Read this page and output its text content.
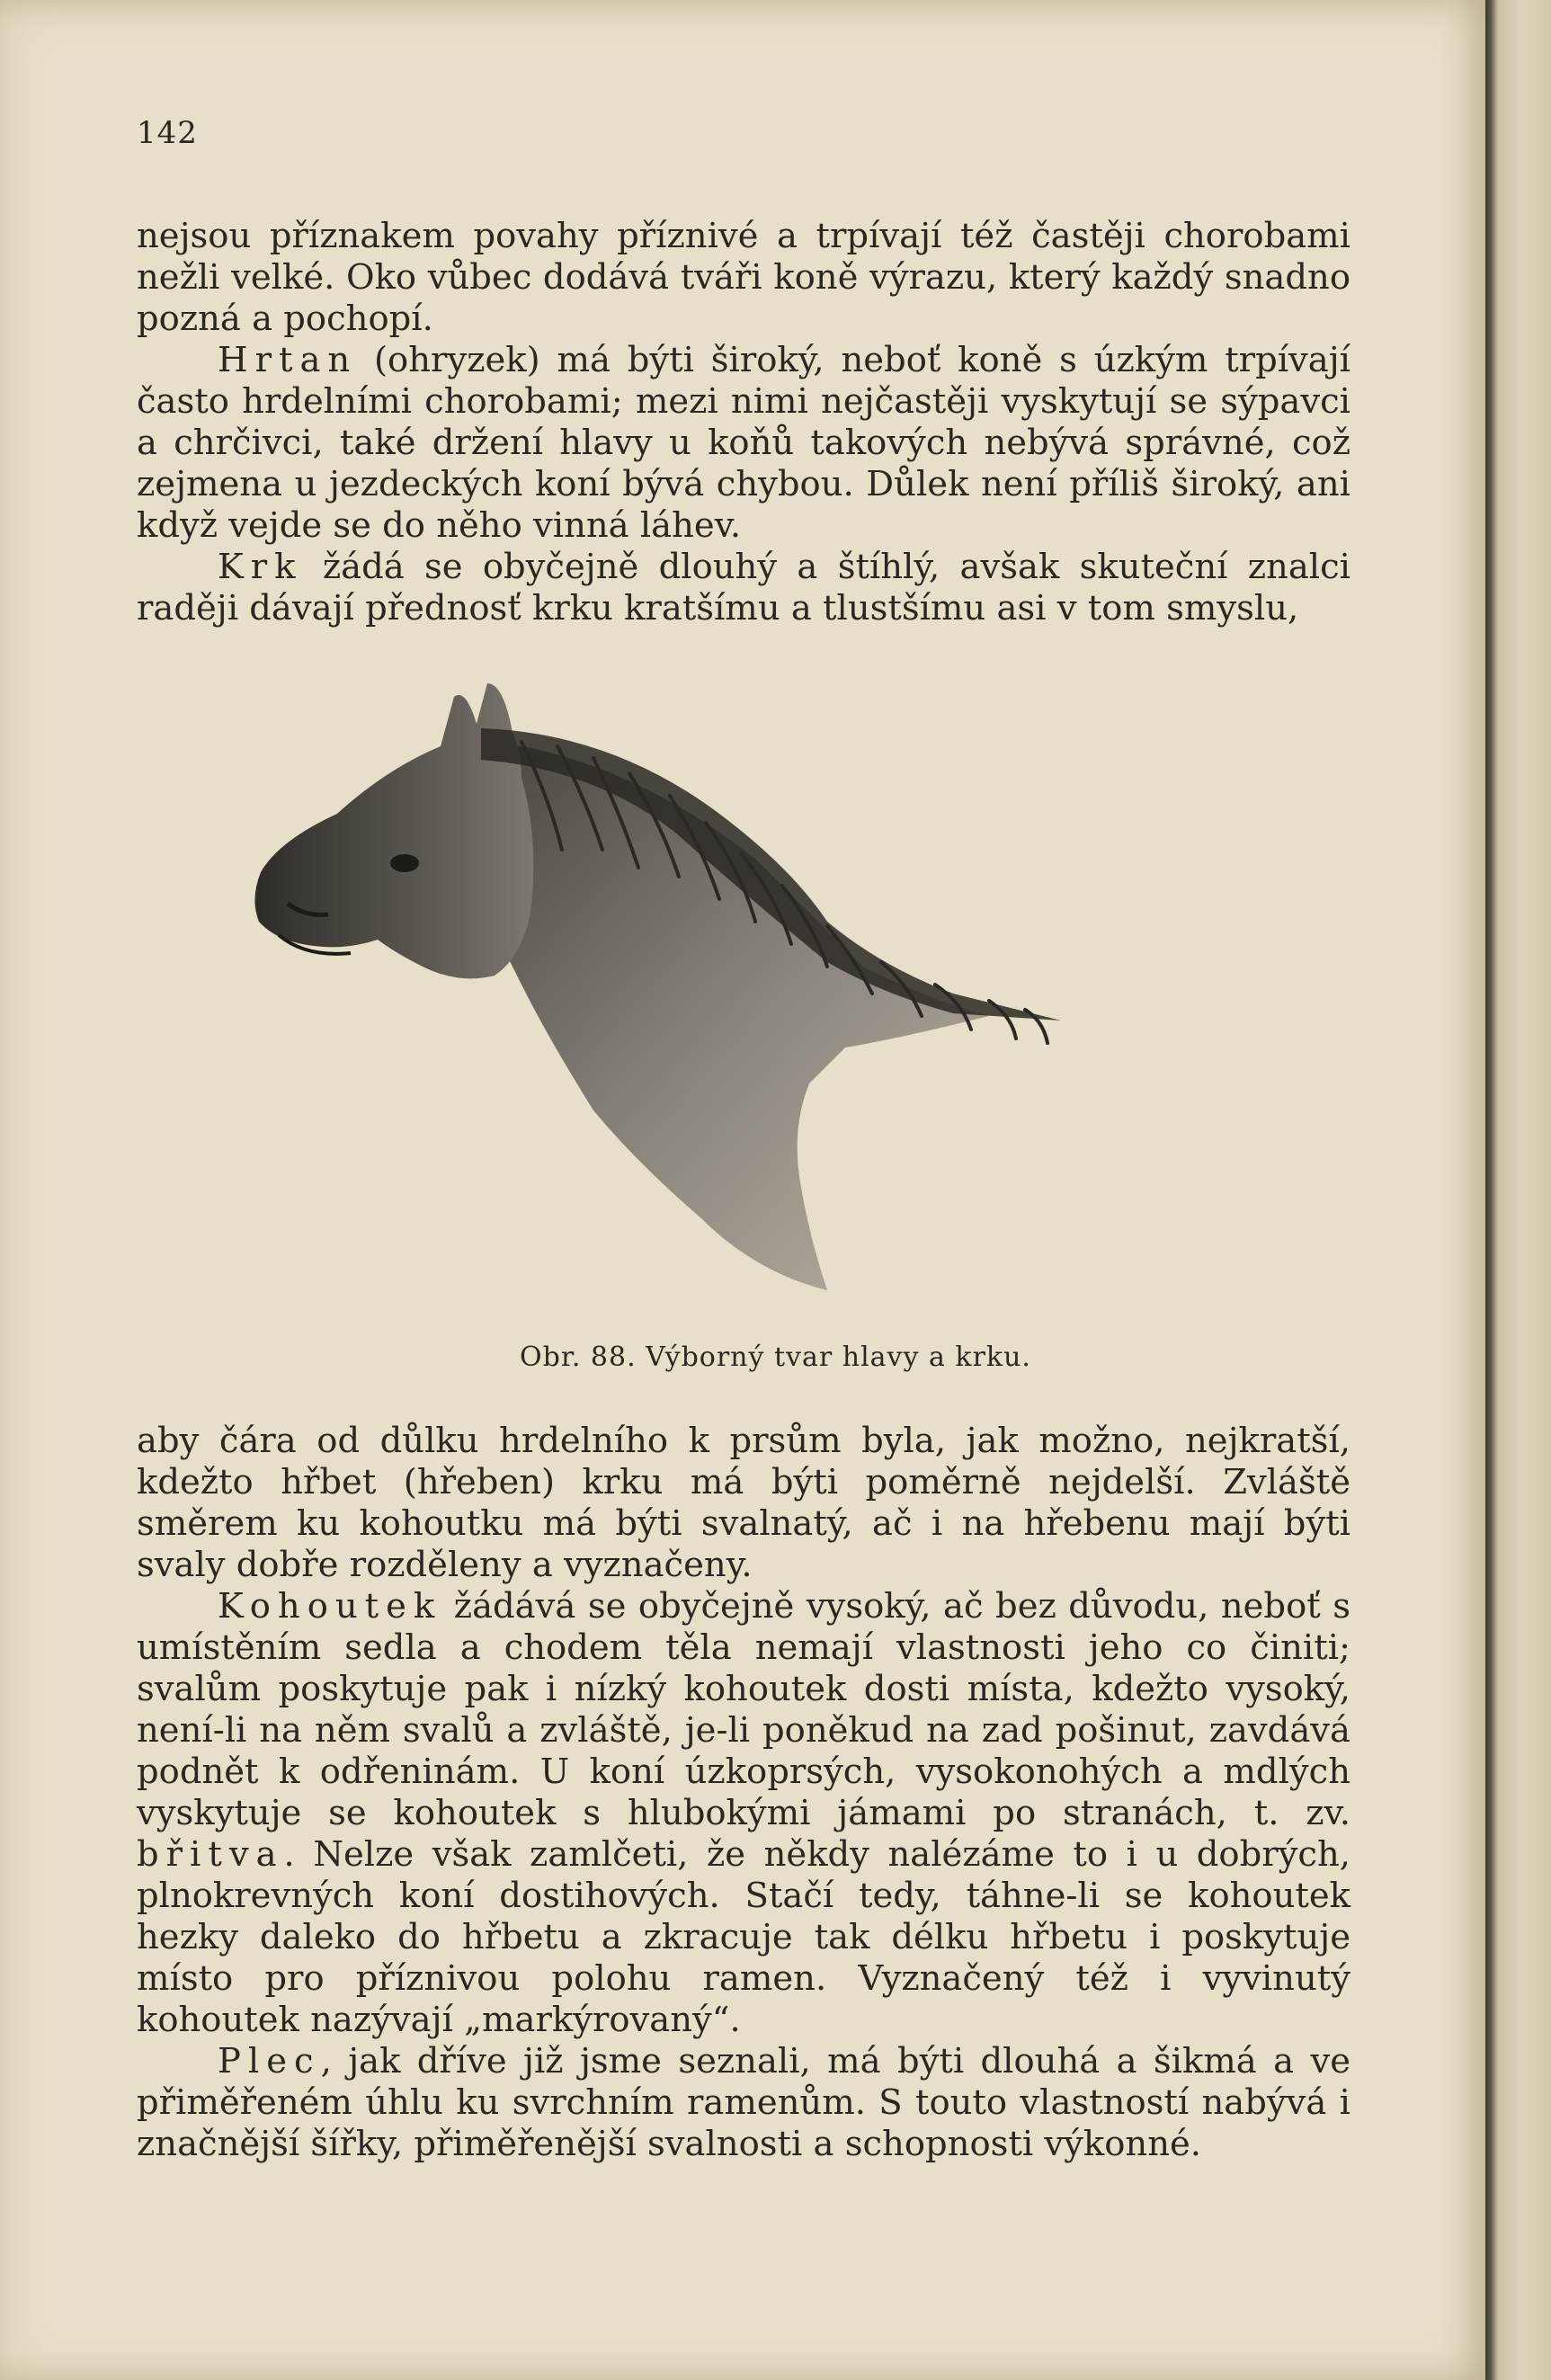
142

nejsou příznakem povahy příznivé a trpívají též častěji chorobami nežli velké. Oko vůbec dodává tváři koně výrazu, který každý snadno pozná a pochopí.

Hrtan (ohryzek) má býti široký, neboť koně s úzkým trpívají často hrdelními chorobami; mezi nimi nejčastěji vyskytují se sýpavci a chrčivci, také držení hlavy u koňů takových nebývá správné, což zejmena u jezdeckých koní bývá chybou. Důlek není příliš široký, ani když vejde se do něho vinná láhev.

Krk žádá se obyčejně dlouhý a štíhlý, avšak skuteční znalci raději dávají přednosť krku kratšímu a tlustšímu asi v tom smyslu,

Obr. 88. Výborný tvar hlavy a krku.

aby čára od důlku hrdelního k prsům byla, jak možno, nejkratší, kdežto hřbet (hřeben) krku má býti poměrně nejdelší. Zvláště směrem ku kohoutku má býti svalnatý, ač i na hřebenu mají býti svaly dobře rozděleny a vyznačeny.

Kohoutek žádává se obyčejně vysoký, ač bez důvodu, neboť s umístěním sedla a chodem těla nemají vlastnosti jeho co činiti; svalům poskytuje pak i nízký kohoutek dosti místa, kdežto vysoký, není-li na něm svalů a zvláště, je-li poněkud na zad pošinut, zavdává podnět k odřeninám. U koní úzkoprsých, vysokonohých a mdlých vyskytuje se kohoutek s hlubokými jámami po stranách, t. zv. břitva. Nelze však zamlčeti, že někdy nalézáme to i u dobrých, plnokrevných koní dostihových. Stačí tedy, táhne-li se kohoutek hezky daleko do hřbetu a zkracuje tak délku hřbetu i poskytuje místo pro příznivou polohu ramen. Vyznačený též i vyvinutý kohoutek nazývají „markýrovaný“.

Plec, jak dříve již jsme seznali, má býti dlouhá a šikmá a ve přiměřeném úhlu ku svrchním ramenům. S touto vlastností nabývá i značnější šířky, přiměřenější svalnosti a schopnosti výkonné.
